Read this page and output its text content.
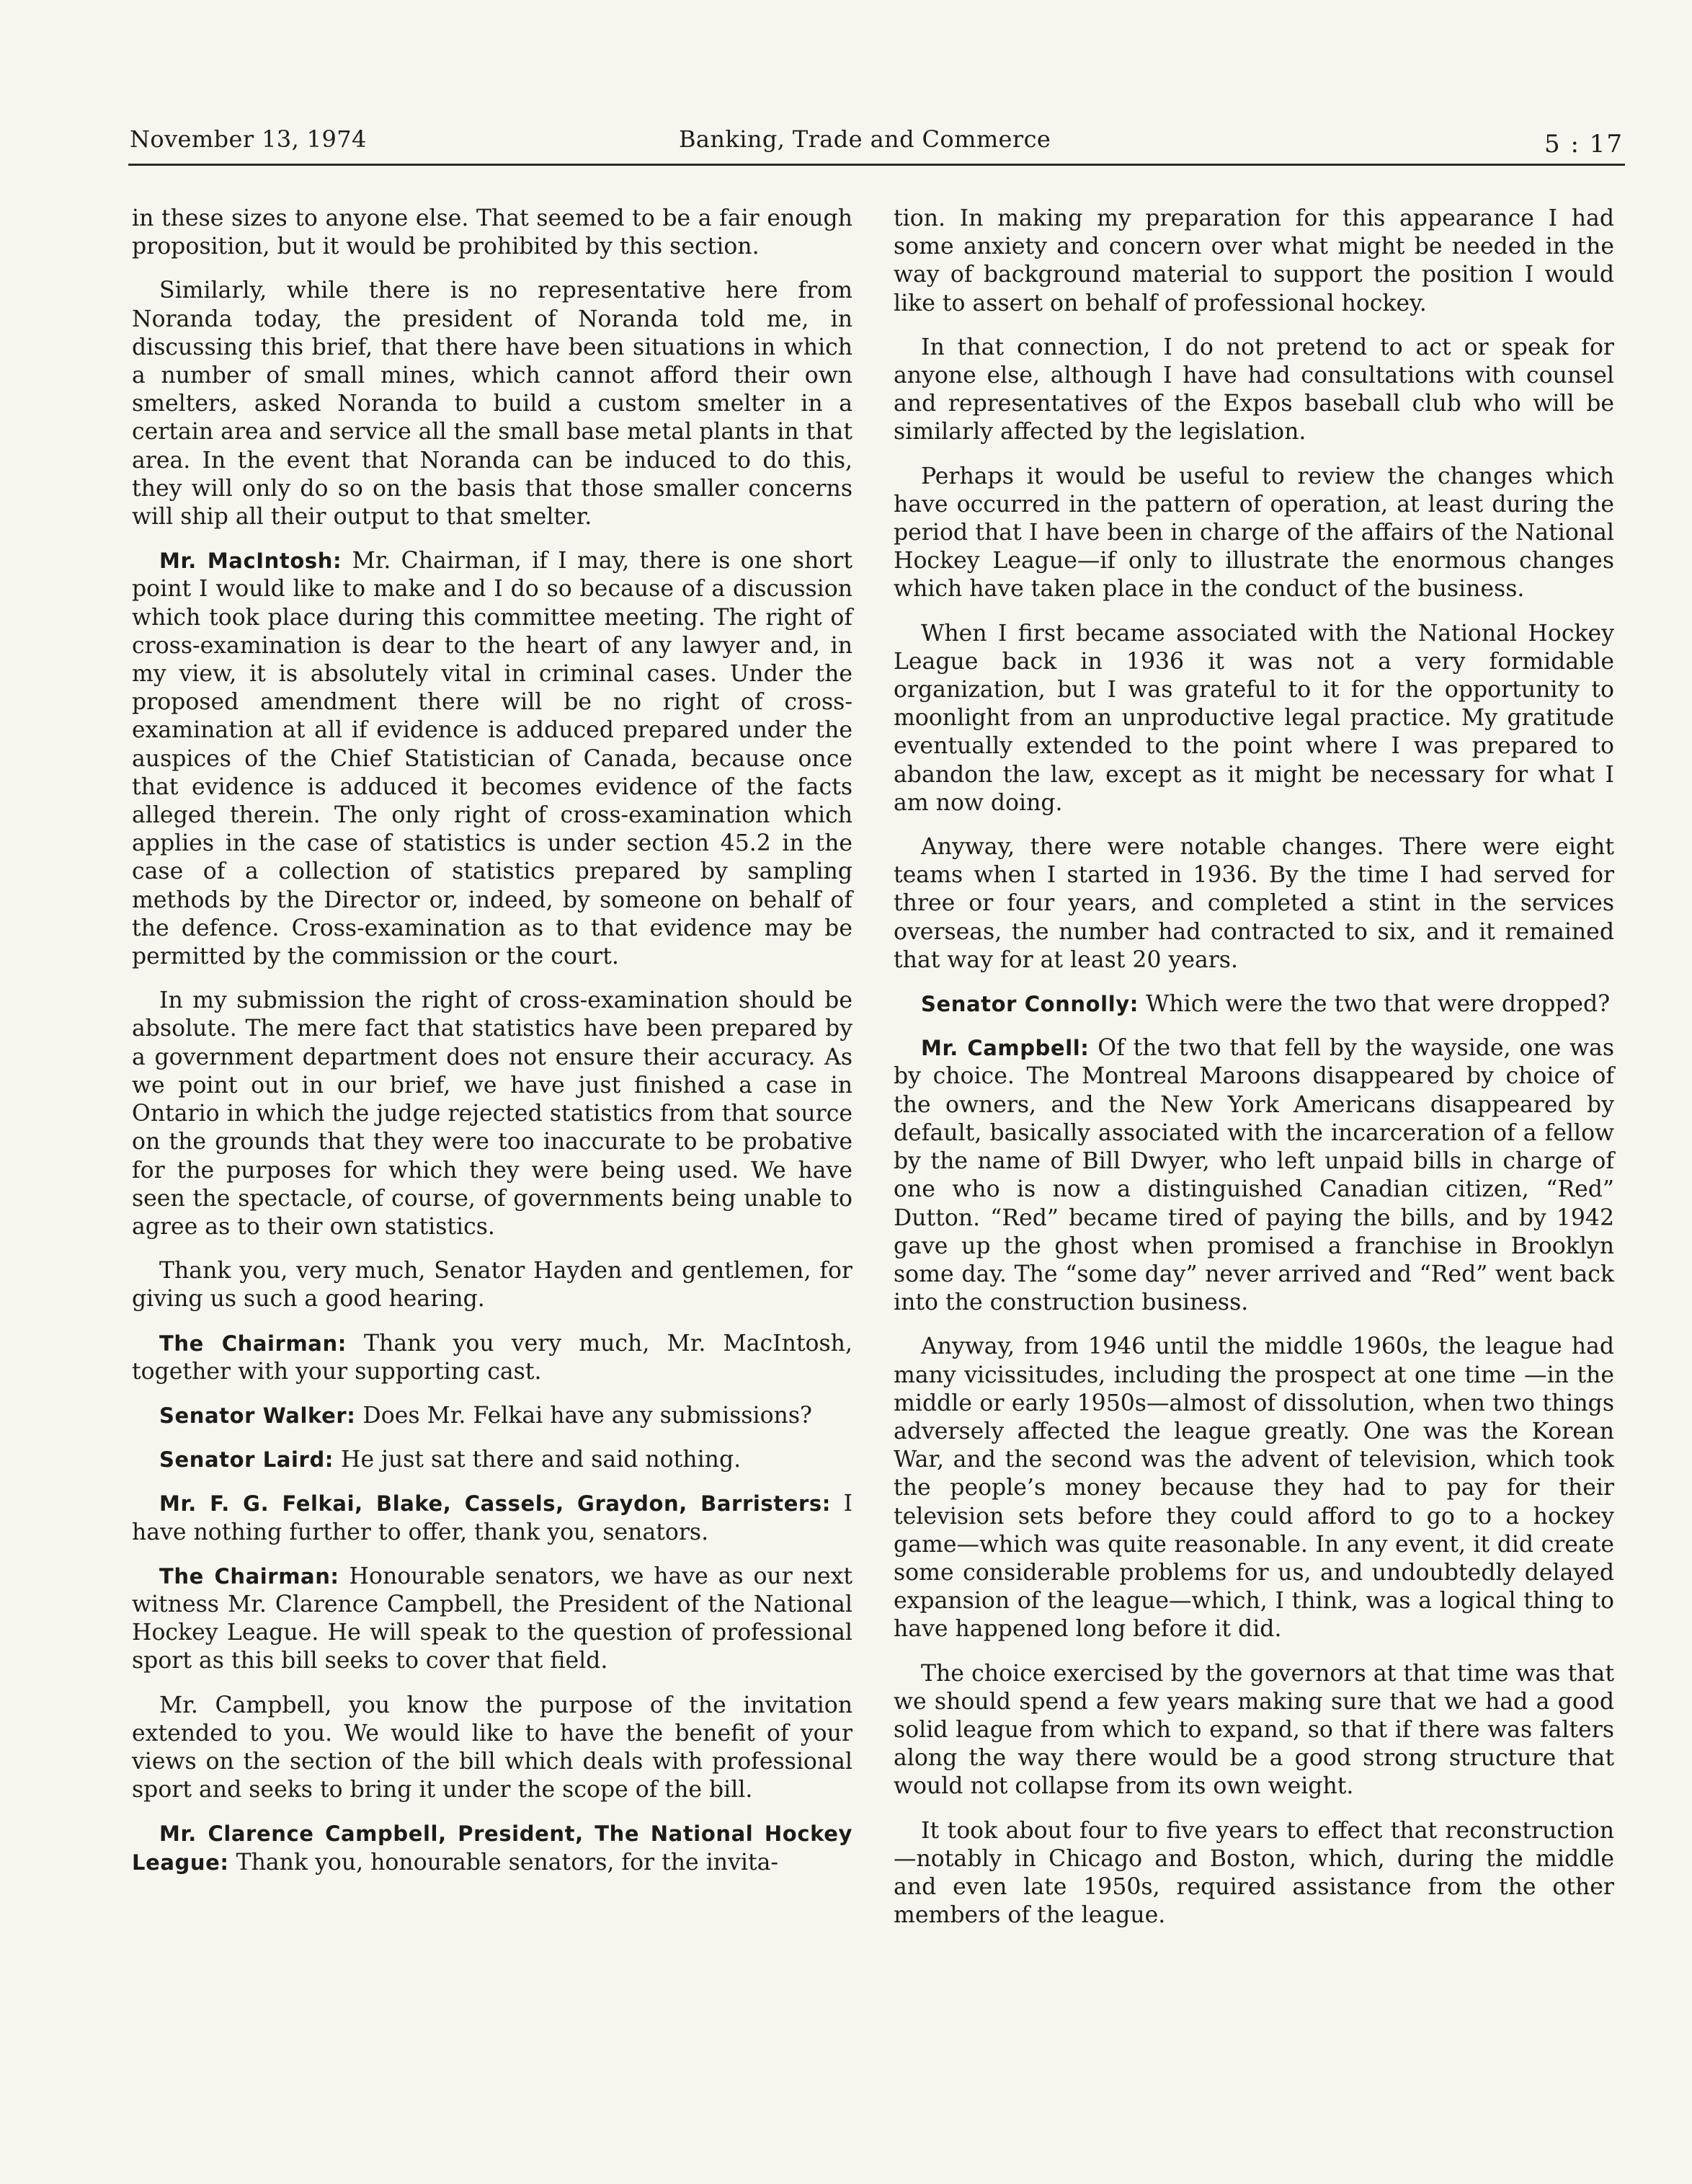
November 13, 1974	Banking, Trade and Commerce	5 : 17

in these sizes to anyone else. That seemed to be a fair enough proposition, but it would be prohibited by this section.

Similarly, while there is no representative here from Noranda today, the president of Noranda told me, in discussing this brief, that there have been situations in which a number of small mines, which cannot afford their own smelters, asked Noranda to build a custom smelter in a certain area and service all the small base metal plants in that area. In the event that Noranda can be induced to do this, they will only do so on the basis that those smaller concerns will ship all their output to that smelter.

Mr. MacIntosh: Mr. Chairman, if I may, there is one short point I would like to make and I do so because of a discussion which took place during this committee meeting. The right of cross-examination is dear to the heart of any lawyer and, in my view, it is absolutely vital in criminal cases. Under the proposed amendment there will be no right of cross-examination at all if evidence is adduced prepared under the auspices of the Chief Statistician of Canada, because once that evidence is adduced it becomes evidence of the facts alleged therein. The only right of cross-examination which applies in the case of statistics is under section 45.2 in the case of a collection of statistics prepared by sampling methods by the Director or, indeed, by someone on behalf of the defence. Cross-examination as to that evidence may be permitted by the commission or the court.

In my submission the right of cross-examination should be absolute. The mere fact that statistics have been prepared by a government department does not ensure their accuracy. As we point out in our brief, we have just finished a case in Ontario in which the judge rejected statistics from that source on the grounds that they were too inaccurate to be probative for the purposes for which they were being used. We have seen the spectacle, of course, of governments being unable to agree as to their own statistics.

Thank you, very much, Senator Hayden and gentlemen, for giving us such a good hearing.

The Chairman: Thank you very much, Mr. MacIntosh, together with your supporting cast.

Senator Walker: Does Mr. Felkai have any submissions?

Senator Laird: He just sat there and said nothing.

Mr. F. G. Felkai, Blake, Cassels, Graydon, Barristers: I have nothing further to offer, thank you, senators.

The Chairman: Honourable senators, we have as our next witness Mr. Clarence Campbell, the President of the National Hockey League. He will speak to the question of professional sport as this bill seeks to cover that field.

Mr. Campbell, you know the purpose of the invitation extended to you. We would like to have the benefit of your views on the section of the bill which deals with professional sport and seeks to bring it under the scope of the bill.

Mr. Clarence Campbell, President, The National Hockey League: Thank you, honourable senators, for the invita-

tion. In making my preparation for this appearance I had some anxiety and concern over what might be needed in the way of background material to support the position I would like to assert on behalf of professional hockey.

In that connection, I do not pretend to act or speak for anyone else, although I have had consultations with counsel and representatives of the Expos baseball club who will be similarly affected by the legislation.

Perhaps it would be useful to review the changes which have occurred in the pattern of operation, at least during the period that I have been in charge of the affairs of the National Hockey League—if only to illustrate the enormous changes which have taken place in the conduct of the business.

When I first became associated with the National Hockey League back in 1936 it was not a very formidable organization, but I was grateful to it for the opportunity to moonlight from an unproductive legal practice. My gratitude eventually extended to the point where I was prepared to abandon the law, except as it might be necessary for what I am now doing.

Anyway, there were notable changes. There were eight teams when I started in 1936. By the time I had served for three or four years, and completed a stint in the services overseas, the number had contracted to six, and it remained that way for at least 20 years.

Senator Connolly: Which were the two that were dropped?

Mr. Campbell: Of the two that fell by the wayside, one was by choice. The Montreal Maroons disappeared by choice of the owners, and the New York Americans disappeared by default, basically associated with the incarceration of a fellow by the name of Bill Dwyer, who left unpaid bills in charge of one who is now a distinguished Canadian citizen, “Red” Dutton. “Red” became tired of paying the bills, and by 1942 gave up the ghost when promised a franchise in Brooklyn some day. The “some day” never arrived and “Red” went back into the construction business.

Anyway, from 1946 until the middle 1960s, the league had many vicissitudes, including the prospect at one time —in the middle or early 1950s—almost of dissolution, when two things adversely affected the league greatly. One was the Korean War, and the second was the advent of television, which took the people’s money because they had to pay for their television sets before they could afford to go to a hockey game—which was quite reasonable. In any event, it did create some considerable problems for us, and undoubtedly delayed expansion of the league—which, I think, was a logical thing to have happened long before it did.

The choice exercised by the governors at that time was that we should spend a few years making sure that we had a good solid league from which to expand, so that if there was falters along the way there would be a good strong structure that would not collapse from its own weight.

It took about four to five years to effect that reconstruction—notably in Chicago and Boston, which, during the middle and even late 1950s, required assistance from the other members of the league.
